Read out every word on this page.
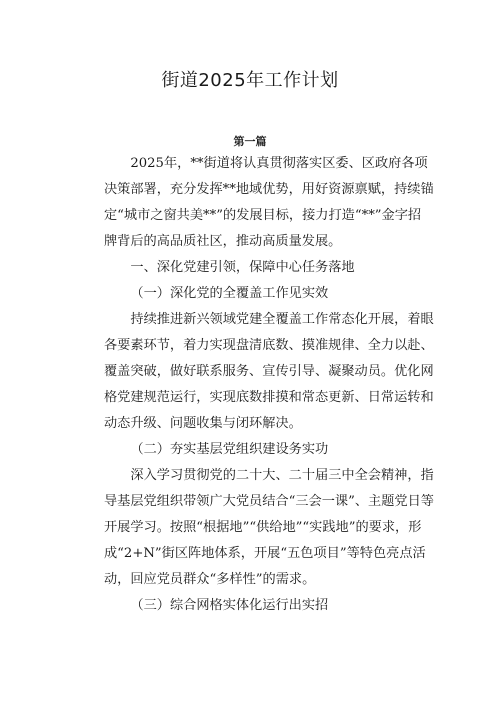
街道2025年工作计划
第一篇

2025年，**街道将认真贯彻落实区委、区政府各项决策部署，充分发挥**地域优势，用好资源禀赋，持续锚定“城市之窗共美**”的发展目标，接力打造“**”金字招牌背后的高品质社区，推动高质量发展。

一、深化党建引领，保障中心任务落地

（一）深化党的全覆盖工作见实效

持续推进新兴领域党建全覆盖工作常态化开展，着眼各要素环节，着力实现盘清底数、摸准规律、全力以赴、覆盖突破，做好联系服务、宣传引导、凝聚动员。优化网格党建规范运行，实现底数排摸和常态更新、日常运转和动态升级、问题收集与闭环解决。

（二）夯实基层党组织建设务实功

深入学习贯彻党的二十大、二十届三中全会精神，指导基层党组织带领广大党员结合“三会一课”、主题党日等开展学习。按照“根据地”“供给地”“实践地”的要求，形成“2+N”街区阵地体系，开展“五色项目”等特色亮点活动，回应党员群众“多样性”的需求。

（三）综合网格实体化运行出实招
